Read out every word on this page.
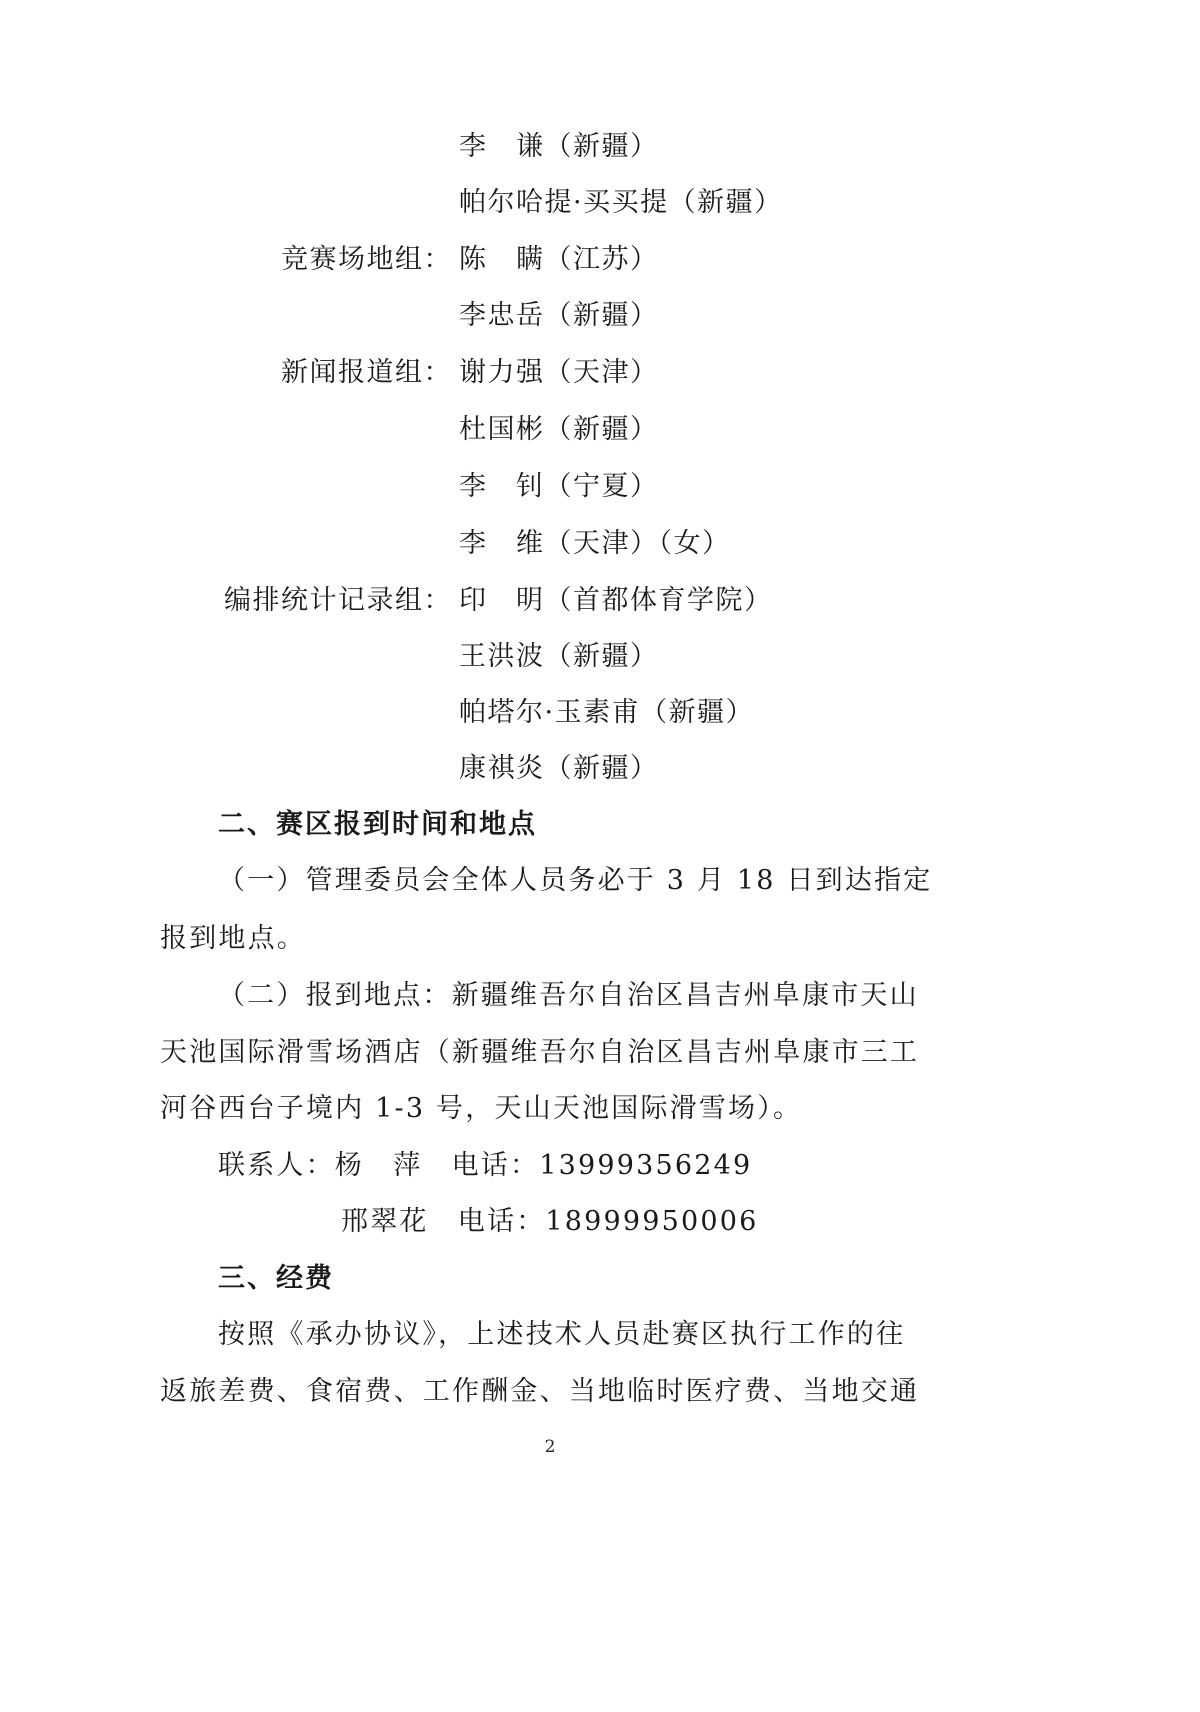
李　谦（新疆）
帕尔哈提·买买提（新疆）
竞赛场地组： 陈　瞒（江苏）
李忠岳（新疆）
新闻报道组： 谢力强（天津）
杜国彬（新疆）
李　钊（宁夏）
李　维（天津）（女）
编排统计记录组： 印　明（首都体育学院）
王洪波（新疆）
帕塔尔·玉素甫（新疆）
康祺炎（新疆）
二、赛区报到时间和地点
（一）管理委员会全体人员务必于 3 月 18 日到达指定
报到地点。
（二）报到地点：新疆维吾尔自治区昌吉州阜康市天山
天池国际滑雪场酒店（新疆维吾尔自治区昌吉州阜康市三工
河谷西台子境内 1-3 号，天山天池国际滑雪场）。
联系人：杨　萍　电话：13999356249
邢翠花　电话：18999950006
三、经费
按照《承办协议》，上述技术人员赴赛区执行工作的往
返旅差费、食宿费、工作酬金、当地临时医疗费、当地交通
2
